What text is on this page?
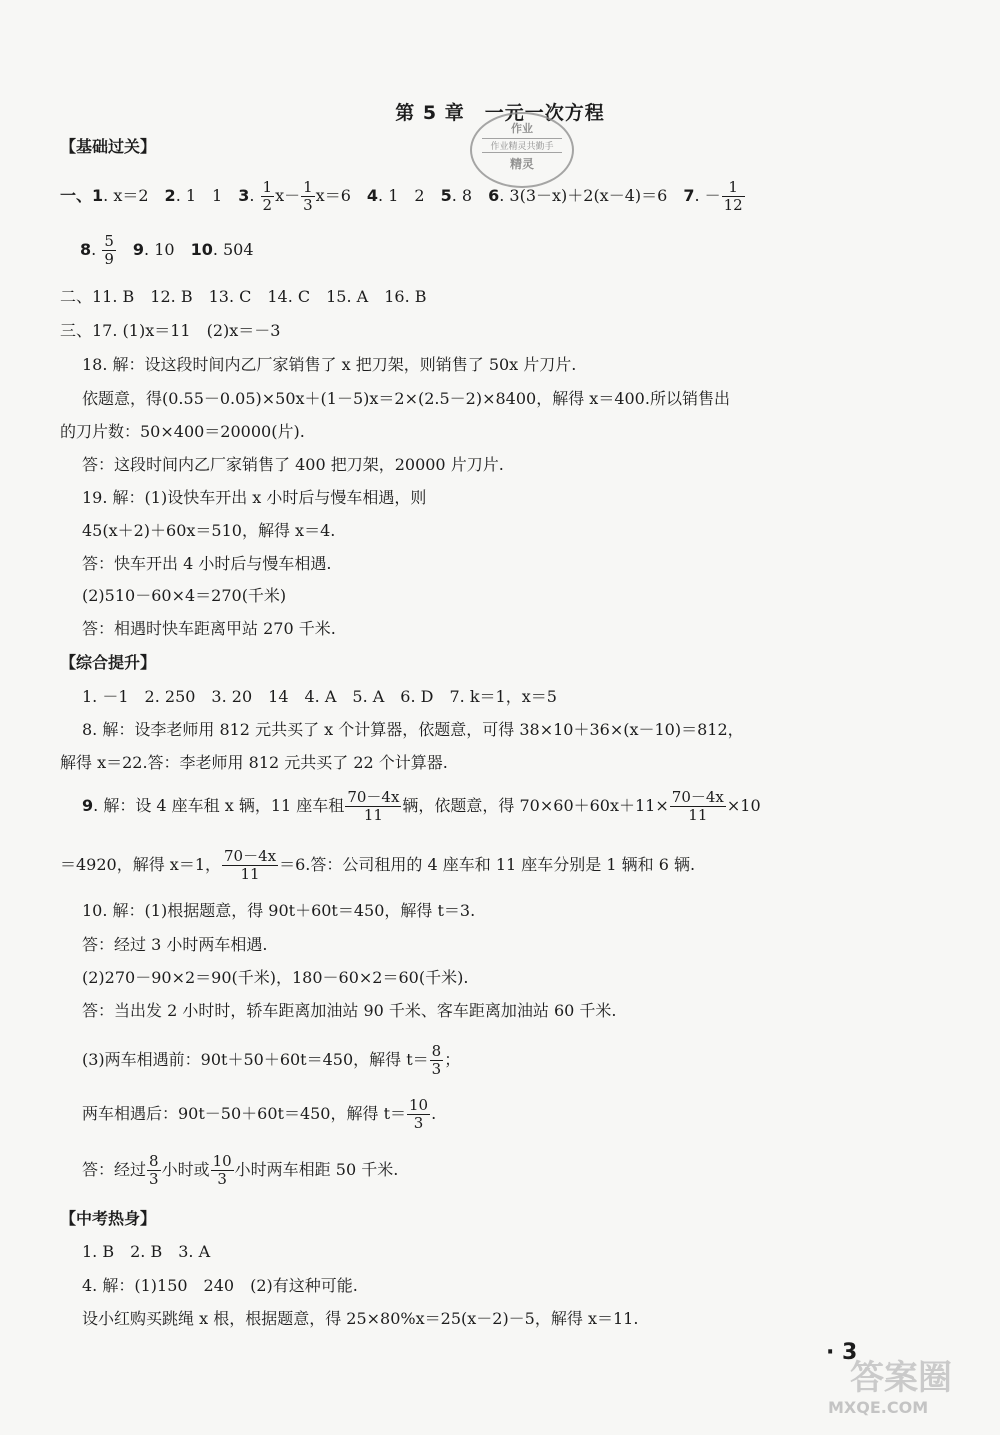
第 5 章　一元一次方程
作业
作业精灵共勤手
精灵
【基础过关】
一、1. x＝2　2. 1　1　3. $\frac{1}{2} x- \frac{1}{3} x=6$　4. 1　2　5. 8　6. 3(3－x)＋2(x－4)＝6　7. － $\frac{1}{12}$
8. $\frac{5}{9}$
　 9. 10　10. 504
二、11. B　12. B　13. C　14. C　15. A　16. B
三、17. (1)x＝11　(2)x＝－3
18. 解：设这段时间内乙厂家销售了 x 把刀架，则销售了 50x 片刀片.
依题意，得(0.55－0.05)×50x＋(1－5)x＝2×(2.5－2)×8400，解得 x＝400.所以销售出
的刀片数：50×400＝20000(片).
答：这段时间内乙厂家销售了 400 把刀架，20000 片刀片.
19. 解：(1)设快车开出 x 小时后与慢车相遇，则
45(x＋2)＋60x＝510，解得 x＝4.
答：快车开出 4 小时后与慢车相遇.
(2)510－60×4＝270(千米)
答：相遇时快车距离甲站 270 千米.
【综合提升】
1. －1　2. 250　3. 20　14　4. A　5. A　6. D　7. k＝1，x＝5
8. 解：设李老师用 812 元共买了 x 个计算器，依题意，可得 38×10＋36×(x－10)＝812，
解得 x＝22.答：李老师用 812 元共买了 22 个计算器.
9. 解：设 4 座车租 x 辆，11 座车租 $\frac{70-4x}{11}$ 辆，依题意，得 $70\times 60+60x+11\times \frac{70-4x}{11} \times 10$
＝4920，解得 x＝1， $\frac{70-4x}{11} =6$.答：公司租用的 4 座车和 11 座车分别是 1 辆和 6 辆.
10. 解：(1)根据题意，得 90t＋60t＝450，解得 t＝3.
答：经过 3 小时两车相遇.
(2)270－90×2＝90(千米)，180－60×2＝60(千米).
答：当出发 2 小时时，轿车距离加油站 90 千米、客车距离加油站 60 千米.
(3)两车相遇前：90t＋50＋60t＝450，解得 $t= \frac{8}{3}$ ；
两车相遇后：90t－50＋60t＝450，解得 $t= \frac{10}{3}$ .
答：经过 $\frac{8}{3}$ 小时或 $\frac{10}{3}$ 小时两车相距 50 千米.
【中考热身】
1. B　2. B　3. A
4. 解：(1)150　240　(2)有这种可能.
设小红购买跳绳 x 根，根据题意，得 25×80%x＝25(x－2)－5，解得 x＝11.
· 3
答案圈
MXQE.COM
